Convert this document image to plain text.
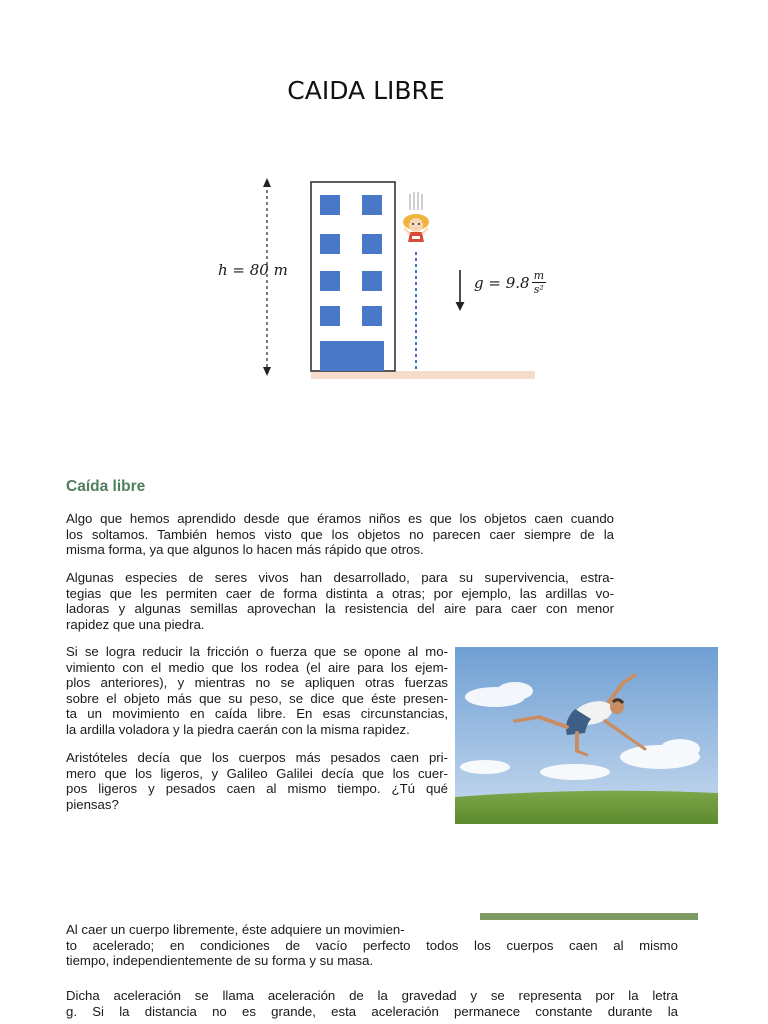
CAIDA LIBRE
h = 80 m
$g = 9.8 \frac{m}{\text{s²}}$
Caída libre
Algo que hemos aprendido desde que éramos niños es que los objetos caen cuando
los soltamos. También hemos visto que los objetos no parecen caer siempre de la
misma forma, ya que algunos lo hacen más rápido que otros.
Algunas especies de seres vivos han desarrollado, para su supervivencia, estra-
tegias que les permiten caer de forma distinta a otras; por ejemplo, las ardillas vo-
ladoras y algunas semillas aprovechan la resistencia del aire para caer con menor
rapidez que una piedra.
Si se logra reducir la fricción o fuerza que se opone al mo-
vimiento con el medio que los rodea (el aire para los ejem-
plos anteriores), y mientras no se apliquen otras fuerzas
sobre el objeto más que su peso, se dice que éste presen-
ta un movimiento en caída libre. En esas circunstancias,
la ardilla voladora y la piedra caerán con la misma rapidez.
Aristóteles decía que los cuerpos más pesados caen pri-
mero que los ligeros, y Galileo Galilei decía que los cuer-
pos ligeros y pesados caen al mismo tiempo. ¿Tú qué
piensas?
Al caer un cuerpo libremente, éste adquiere un movimien-
to acelerado; en condiciones de vacío perfecto todos los cuerpos caen al mismo
tiempo, independientemente de su forma y su masa.
Dicha aceleración se llama aceleración de la gravedad y se representa por la letra
g. Si la distancia no es grande, esta aceleración permanece constante durante la
